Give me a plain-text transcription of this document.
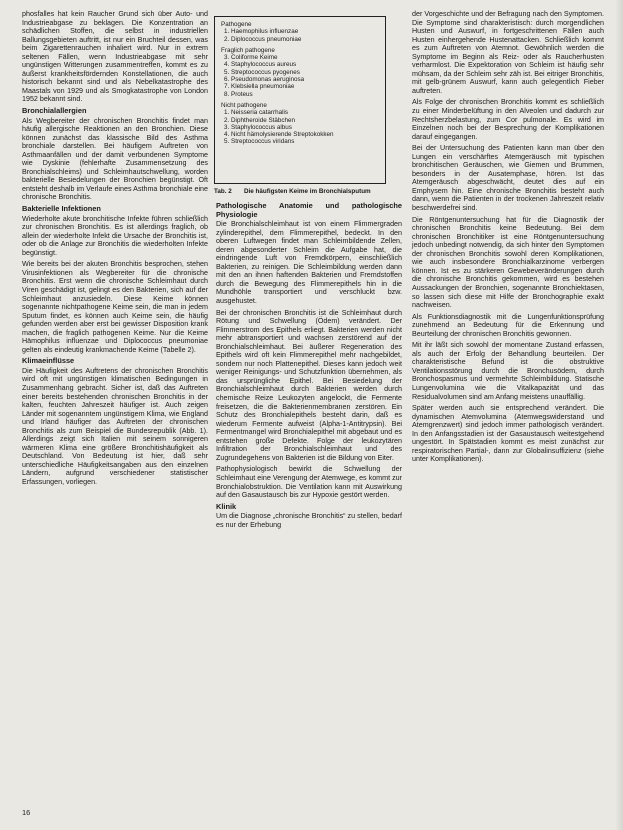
phosfalles hat kein Raucher Grund sich über Auto- und Industrieabgase zu beklagen. Die Konzentration an schädlichen Stoffen, die selbst in industriellen Ballungsgebieten auftritt, ist nur ein Bruchteil dessen, was beim Zigarettenrauchen inhaliert wird. Nur in extrem seltenen Fällen, wenn Industrieabgase mit sehr ungünstigen Witterungen zusammentreffen, kommt es zu äußerst krankheitsfördernden Konstellationen, die auch historisch bekannt sind und als Nebelkatastrophe des Maastals von 1929 und als Smogkatastrophe von London 1952 bekannt sind.

Bronchialallergien

Als Wegbereiter der chronischen Bronchitis findet man häufig allergische Reaktionen an den Bronchien. Diese können zunächst das klassische Bild des Asthma bronchiale darstellen. Bei häufigem Auftreten von Asthmaanfällen und der damit verbundenen Symptome wie Dyskinie (fehlerhafte Zusammensetzung des Bronchialschleims) und Schleimhautschwellung, worden bakterielle Besiedelungen der Bronchien begünstigt. Oft entsteht deshalb im Verlaufe eines Asthma bronchiale eine chronische Bronchitis.

Bakterielle Infektionen

Wiederholte akute bronchitische Infekte führen schließlich zur chronischen Bronchitis. Es ist allerdings fraglich, ob allein der wiederholte Infekt die Ursache der Bronchitis ist, oder ob die Anlage zur Bronchitis die wiederholten Infekte begünstigt.

Wie bereits bei der akuten Bronchitis besprochen, stehen Virusinfektionen als Wegbereiter für die chronische Bronchitis. Erst wenn die chronische Schleimhaut durch Viren geschädigt ist, gelingt es den Bakterien, sich auf der Schleimhaut anzusiedeln. Diese Keime können sogenannte nichtpathogene Keime sein, die man in jedem Sputum findet, es können auch Keime sein, die häufig gefunden werden aber erst bei gewisser Disposition krank machen, die fraglich pathogenen Keime. Nur die Keime Hämophilus influenzae und Diplococcus pneumoniae gelten als eindeutig krankmachende Keime (Tabelle 2).

Klimaeinflüsse

Die Häufigkeit des Auftretens der chronischen Bronchitis wird oft mit ungünstigen klimatischen Bedingungen in Zusammenhang gebracht. Sicher ist, daß das Auftreten einer bereits bestehenden chronischen Bronchitis in der kalten, feuchten Jahreszeit häufiger ist. Auch zeigen Länder mit sogenanntem ungünstigem Klima, wie England und Irland häufiger das Auftreten der chronischen Bronchitis als zum Beispiel die Bundesrepublik (Abb. 1). Allerdings zeigt sich Italien mit seinem sonnigeren wärmeren Klima eine größere Bronchitishäufigkeit als Deutschland. Von Bedeutung ist hier, daß sehr unterschiedliche Häufigkeitsangaben aus den einzelnen Ländern, aufgrund verschiedener statistischer Erfassungen, vorliegen.

Pathogene

1. Haemophilus influenzae
2. Diplococcus pneumoniae

Fraglich pathogene

3. Coliforme Keime
4. Staphylococcus aureus
5. Streptococcus pyogenes
6. Pseudomonas aeruginosa
7. Klebsiella pneumoniae
8. Proteus

Nicht pathogene

1. Neisseria catarrhalis
2. Diphtheroide Stäbchen
3. Staphylococcus albus
4. Nicht hämolysierende Streptokokken
5. Streptococcus viridans
Tab. 2	Die häufigsten Keime im Bronchialsputum
Pathologische Anatomie und pathologische Physiologie

Die Bronchialschleimhaut ist von einem Flimmergraden zylinderepithel, dem Flimmerepithel, bedeckt. In den oberen Luftwegen findet man Schleimbildende Zellen, deren abgesonderter Schleim die Aufgabe hat, die eindringende Luft von Fremdkörpern, einschließlich Bakterien, zu reinigen. Die Schleimbildung werden dann mit den an ihnen haftenden Bakterien und Fremdstoffen durch die Bewegung des Flimmerepithels hin in die Mundhöhle transportiert und verschluckt bzw. ausgehustet.

Bei der chronischen Bronchitis ist die Schleimhaut durch Rötung und Schwellung (Ödem) verändert. Der Flimmerstrom des Epithels erliegt. Bakterien werden nicht mehr abtransportiert und wachsen zerstörend auf der Bronchialschleimhaut. Bei äußerer Regeneration des Epithels wird oft kein Flimmerepithel mehr nachgebildet, sondern nur noch Plattenepithel. Dieses kann jedoch weit weniger Reinigungs- und Schutzfunktion übernehmen, als das ursprüngliche Epithel. Bei Besiedelung der Bronchialschleimhaut durch Bakterien werden durch chemische Reize Leukozyten angelockt, die Fermente freisetzen, die die Bakterienmembranen zerstören. Ein Schutz des Bronchialepithels besteht darin, daß es wiederum Fermente aufweist (Alpha-1-Antitrypsin). Bei Fermentmangel wird Bronchialepithel mit abgebaut und es entstehen große Defekte. Folge der leukozytären Infiltration der Bronchialschleimhaut und des Zugrundegehens von Bakterien ist die Bildung von Eiter.

Pathophysiologisch bewirkt die Schwellung der Schleimhaut eine Verengung der Atemwege, es kommt zur Bronchialobstruktion. Die Ventilation kann mit Auswirkung auf den Gasaustausch bis zur Hypoxie gestört werden.

Klinik

Um die Diagnose „chronische Bronchitis“ zu stellen, bedarf es nur der Erhebung

der Vorgeschichte und der Befragung nach den Symptomen. Die Symptome sind charakteristisch: durch morgendlichen Husten und Auswurf, in fortgeschrittenen Fällen auch Husten einhergehende Hustenattacken. Schließlich kommt es zum Auftreten von Atemnot. Gewöhnlich werden die Symptome im Beginn als Reiz- oder als Raucherhusten verharmlost. Die Expektoration von Schleim ist häufig sehr mühsam, da der Schleim sehr zäh ist. Bei eitriger Bronchitis, mit gelb-grünem Auswurf, kann auch gelegentlich Fieber auftreten.

Als Folge der chronischen Bronchitis kommt es schließlich zu einer Minderbelüftung in den Alveolen und dadurch zur Rechtsherzbelastung, zum Cor pulmonale. Es wird im Einzelnen noch bei der Besprechung der Komplikationen darauf eingegangen.

Bei der Untersuchung des Patienten kann man über den Lungen ein verschärftes Atemgeräusch mit typischen bronchitischen Geräuschen, wie Giemen und Brummen, besonders in der Ausatemphase, hören. Ist das Atemgeräusch abgeschwächt, deutet dies auf ein Emphysem hin. Eine chronische Bronchitis besteht auch dann, wenn die Patienten in der trockenen Jahreszeit relativ beschwerdefrei sind.

Die Röntgenuntersuchung hat für die Diagnostik der chronischen Bronchitis keine Bedeutung. Bei dem chronischen Bronchitiker ist eine Röntgenuntersuchung jedoch unbedingt notwendig, da sich hinter den Symptomen der chronischen Bronchitis sowohl deren Komplikationen, wie auch insbesondere Bronchialkarzinome verbergen können. Ist es zu stärkeren Gewebeveränderungen durch die chronische Bronchitis gekommen, wird es bestehen Aussackungen der Bronchien, sogenannte Bronchiektasen, so lassen sich diese mit Hilfe der Bronchographie exakt nachweisen.

Als Funktionsdiagnostik mit die Lungenfunktionsprüfung zunehmend an Bedeutung für die Erkennung und Beurteilung der chronischen Bronchitis gewonnen.

Mit ihr läßt sich sowohl der momentane Zustand erfassen, als auch der Erfolg der Behandlung beurteilen. Der charakteristische Befund ist die obstruktive Ventilationsstörung durch die Bronchusödem, durch Bronchospasmus und vermehrte Schleimbildung. Statische Lungenvolumina wie die Vitalkapazität und das Residualvolumen sind am Anfang meistens unauffällig.

Später werden auch sie entsprechend verändert. Die dynamischen Atemvolumina (Atemwegswiderstand und Atemgrenzwert) sind jedoch immer pathologisch verändert. In den Anfangsstadien ist der Gasaustausch weitestgehend ungestört. In Spätstadien kommt es meist zunächst zur respiratorischen Partial-, dann zur Globalinsuffizienz (siehe unter Komplikationen).

16
